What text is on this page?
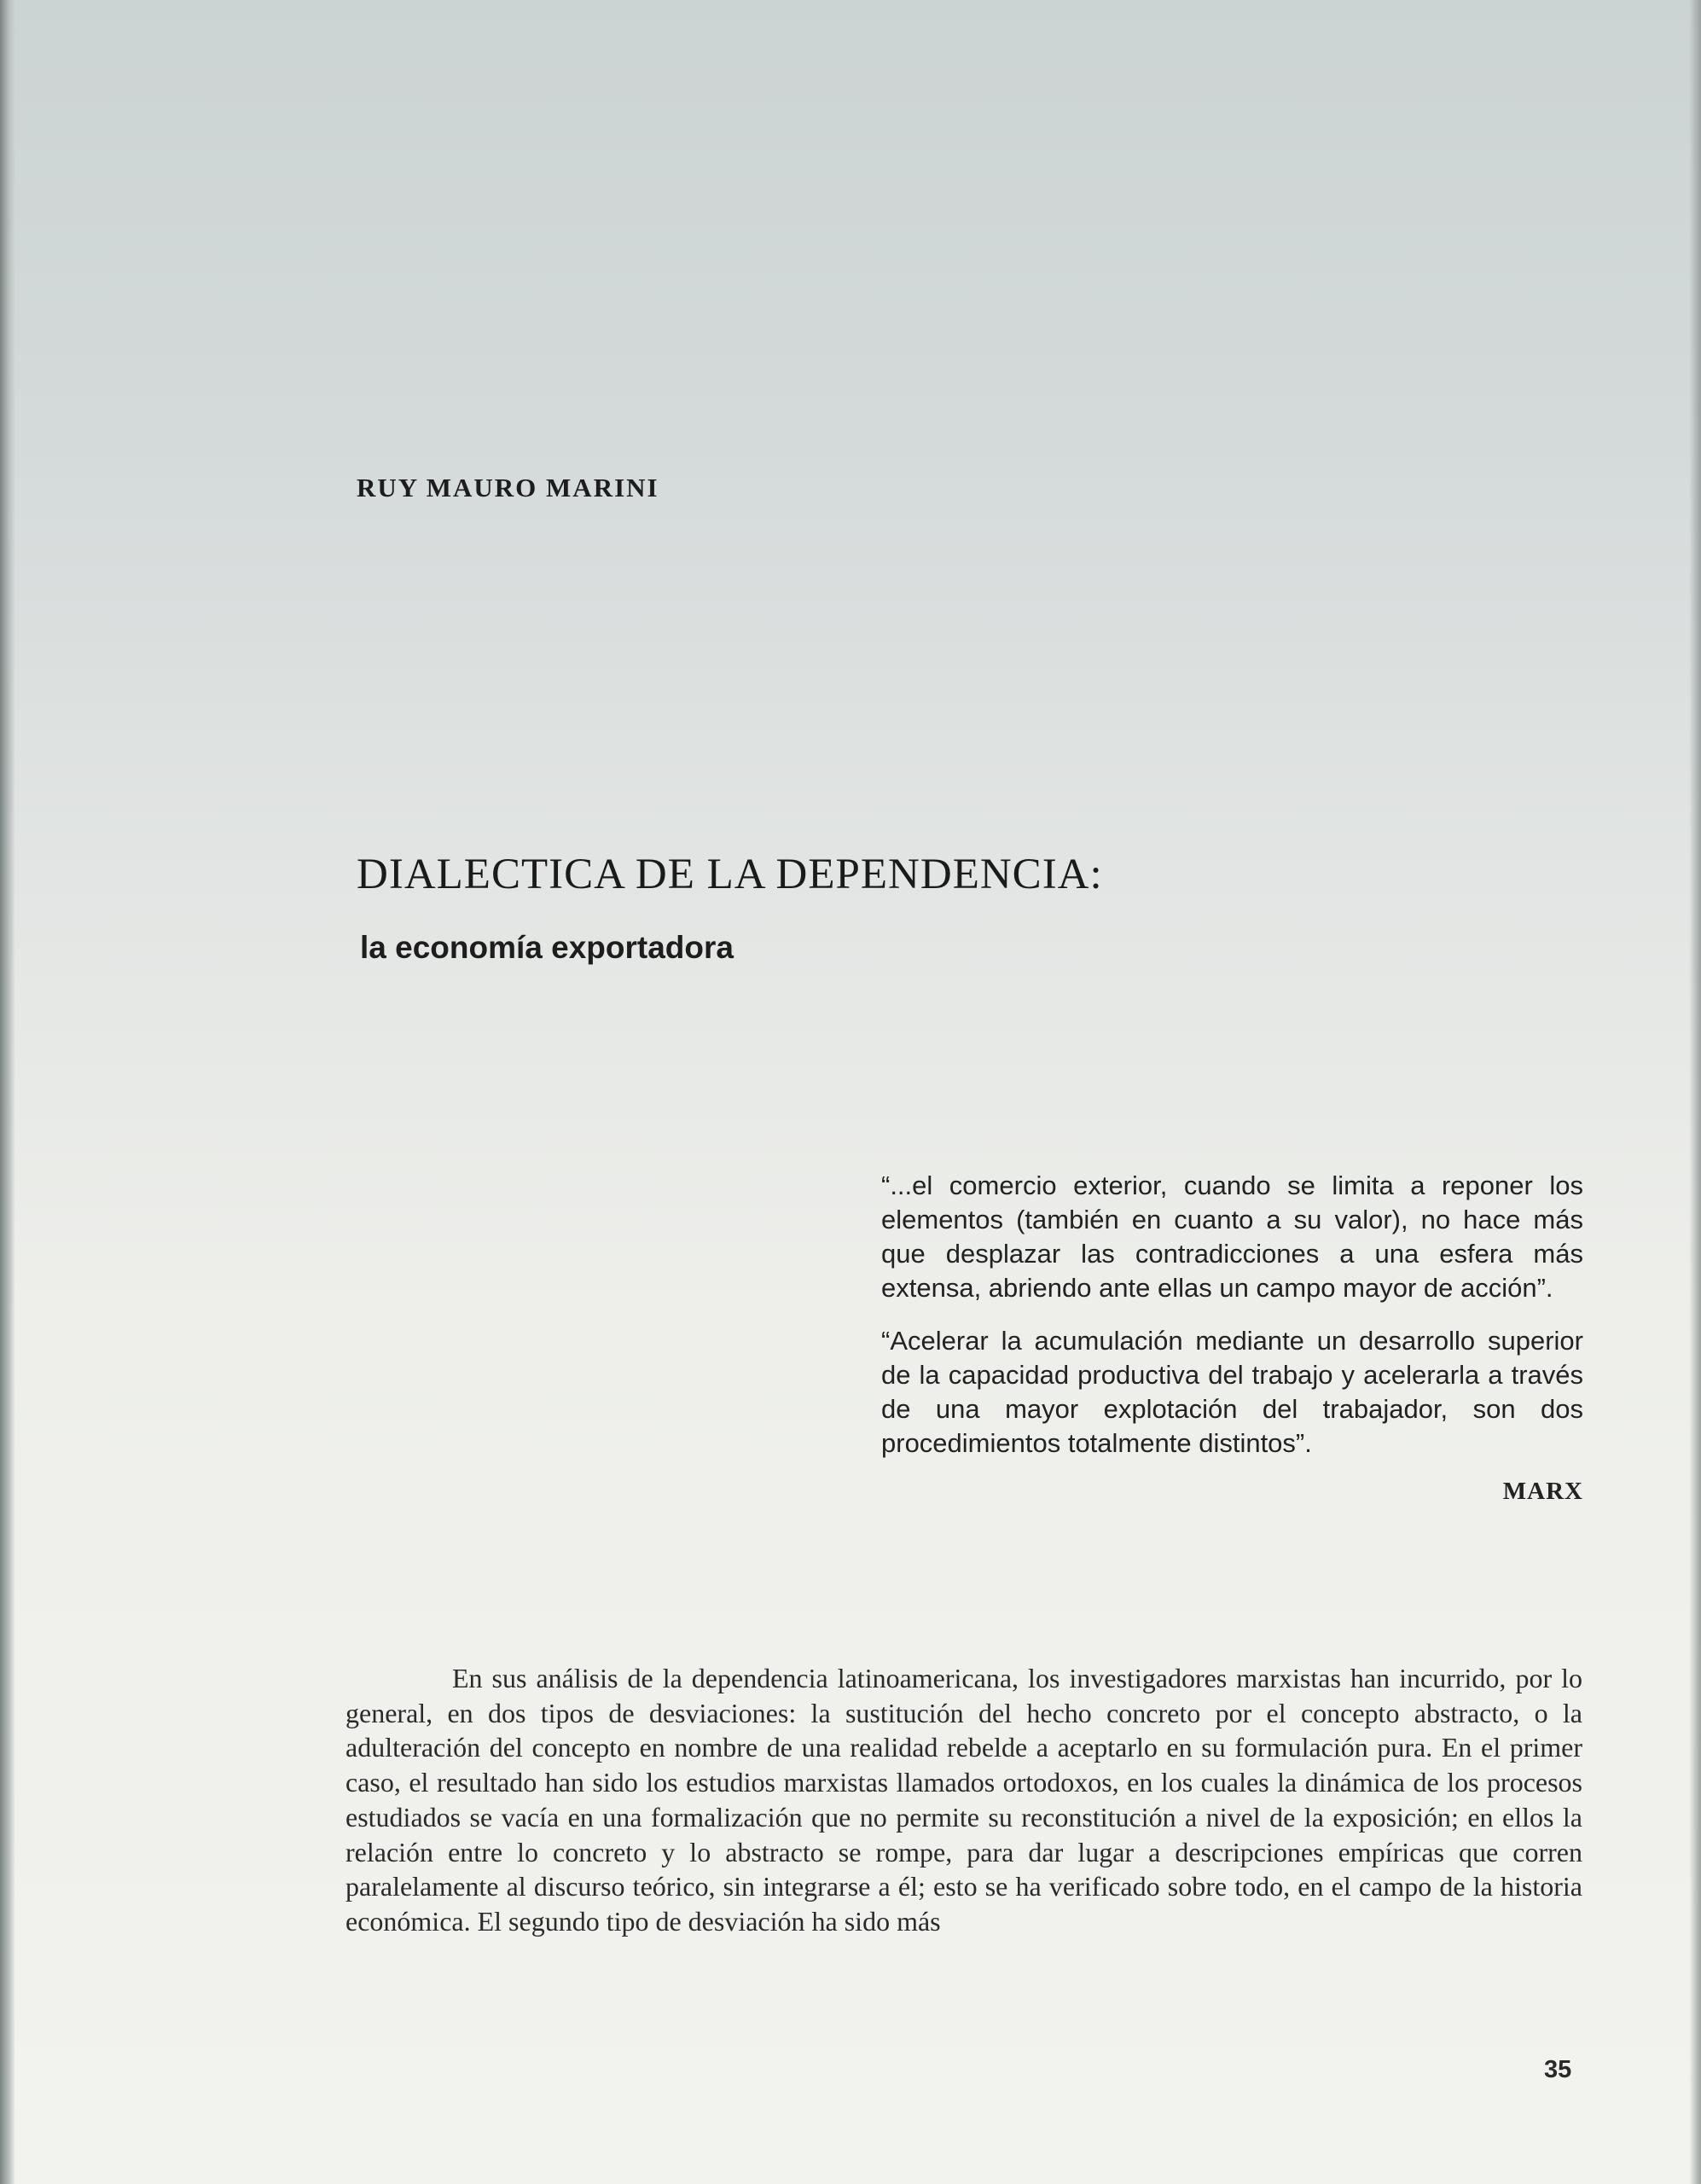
RUY MAURO MARINI
DIALECTICA DE LA DEPENDENCIA:
la economía exportadora

“...el comercio exterior, cuando se limita a reponer los elementos (también en cuanto a su valor), no hace más que desplazar las contradicciones a una esfera más extensa, abriendo ante ellas un campo mayor de acción”.

“Acelerar la acumulación mediante un desarrollo superior de la capacidad productiva del trabajo y acelerarla a través de una mayor explotación del trabajador, son dos procedimientos totalmente distintos”.

MARX

En sus análisis de la dependencia latinoamericana, los investigadores marxistas han incurrido, por lo general, en dos tipos de desviaciones: la sustitución del hecho concreto por el concepto abstracto, o la adulteración del concepto en nombre de una realidad rebelde a aceptarlo en su formulación pura. En el primer caso, el resultado han sido los estudios marxistas llamados ortodoxos, en los cuales la dinámica de los procesos estudiados se vacía en una formalización que no permite su reconstitución a nivel de la exposición; en ellos la relación entre lo concreto y lo abstracto se rompe, para dar lugar a descripciones empíricas que corren paralelamente al discurso teórico, sin integrarse a él; esto se ha verificado sobre todo, en el campo de la historia económica. El segundo tipo de desviación ha sido más

35
